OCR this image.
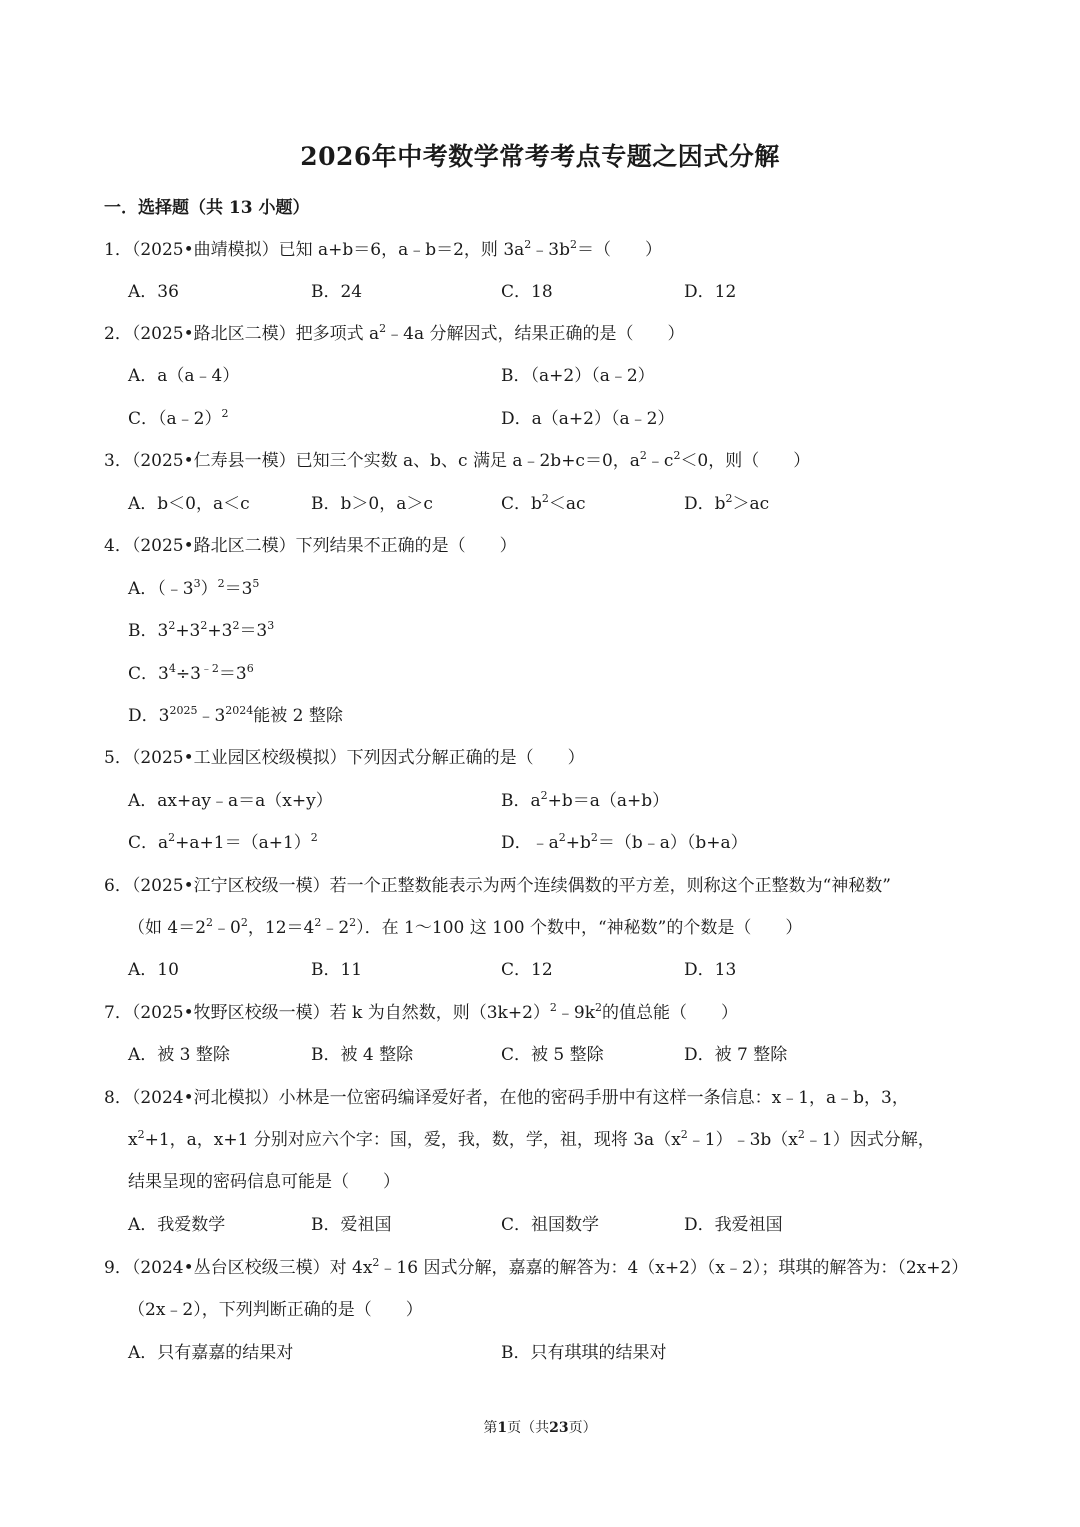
2026年中考数学常考考点专题之因式分解
一．选择题（共 13 小题）
1．（2025•曲靖模拟）已知 a+b＝6，a﹣b＝2，则 $3a^2﹣3b^2=$（　　）
A．36	B．24	C．18	D．12
2．（2025•路北区二模）把多项式 $a^2﹣4a$ 分解因式，结果正确的是（　　）
A．a（a﹣4）	B．（a+2）（a﹣2）
C．（a﹣2）$^2$	D．a（a+2）（a﹣2）
3．（2025•仁寿县一模）已知三个实数 a、b、c 满足 a﹣2b+c＝0，$a^2﹣c^2<0$，则（　　）
A．b＜0，a＜c	B．b＞0，a＞c	C．$b^2<ac$	D．$b^2>ac$
4．（2025•路北区二模）下列结果不正确的是（　　）
A．$(﹣3^3)^2=3^5$
B．$3^2+3^2+3^2=3^3$
C．$3^4\div 3^{﹣2}=3^6$
D．$3^{2025}﹣3^{2024}$能被 2 整除
5．（2025•工业园区校级模拟）下列因式分解正确的是（　　）
A．ax+ay﹣a＝a（x+y）	B．$a^2+b=a(a+b)$
C．$a^2+a+1=(a+1)^2$	D．$﹣a^2+b^2=(b﹣a)(b+a)$
6．（2025•江宁区校级一模）若一个正整数能表示为两个连续偶数的平方差，则称这个正整数为“神秘数”
（如 $4=2^2﹣0^2$，$12=4^2﹣2^2$）．在 1～100 这 100 个数中，“神秘数”的个数是（　　）
A．10	B．11	C．12	D．13
7．（2025•牧野区校级一模）若 k 为自然数，则$(3k+2)^2﹣9k^2$的值总能（　　）
A．被 3 整除	B．被 4 整除	C．被 5 整除	D．被 7 整除
8．（2024•河北模拟）小林是一位密码编译爱好者，在他的密码手册中有这样一条信息：x﹣1，a﹣b，3，
$x^2+1$，a，x+1 分别对应六个字：国，爱，我，数，学，祖，现将 $3a(x^2﹣1)﹣3b(x^2﹣1)$因式分解，
结果呈现的密码信息可能是（　　）
A．我爱数学	B．爱祖国	C．祖国数学	D．我爱祖国
9．（2024•丛台区校级三模）对 $4x^2﹣16$ 因式分解，嘉嘉的解答为：4（x+2）（x﹣2）；琪琪的解答为：（2x+2）
（2x﹣2），下列判断正确的是（　　）
A．只有嘉嘉的结果对	B．只有琪琪的结果对
第1页（共23页）
